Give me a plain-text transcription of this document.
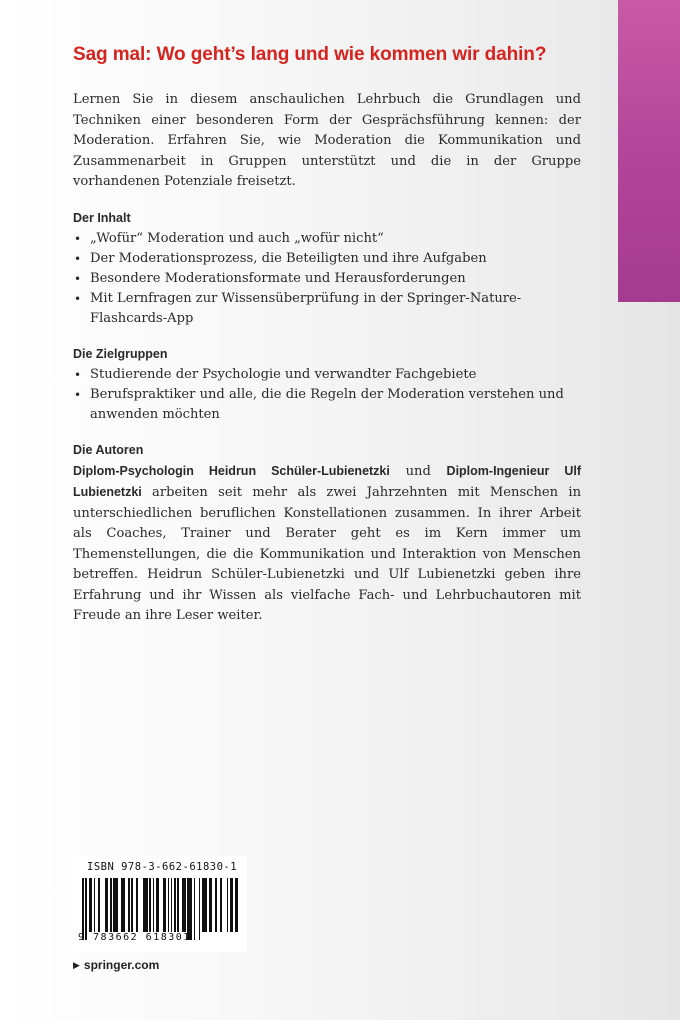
Sag mal: Wo geht’s lang und wie kommen wir dahin?

Lernen Sie in diesem anschaulichen Lehrbuch die Grundlagen und Techniken einer besonderen Form der Gesprächsführung kennen: der Moderation. Erfahren Sie, wie Moderation die Kommunikation und Zusammenarbeit in Gruppen unterstützt und die in der Gruppe vorhandenen Potenziale freisetzt.

Der Inhalt
• „Wofür“ Moderation und auch „wofür nicht“
• Der Moderationsprozess, die Beteiligten und ihre Aufgaben
• Besondere Moderationsformate und Herausforderungen
• Mit Lernfragen zur Wissensüberprüfung in der Springer-Nature-Flashcards-App
Die Zielgruppen
• Studierende der Psychologie und verwandter Fachgebiete
• Berufspraktiker und alle, die die Regeln der Moderation verstehen und anwenden möchten
Die Autoren

Diplom-Psychologin Heidrun Schüler-Lubienetzki und Diplom-Ingenieur Ulf Lubienetzki arbeiten seit mehr als zwei Jahrzehnten mit Menschen in unterschiedlichen beruflichen Konstellationen zusammen. In ihrer Arbeit als Coaches, Trainer und Berater geht es im Kern immer um Themenstellungen, die die Kommunikation und Interaktion von Menschen betreffen. Heidrun Schüler-Lubienetzki und Ulf Lubienetzki geben ihre Erfahrung und ihr Wissen als vielfache Fach- und Lehrbuchautoren mit Freude an ihre Leser weiter.

ISBN 978-3-662-61830-1
9 783662 618301
▶ springer.com
